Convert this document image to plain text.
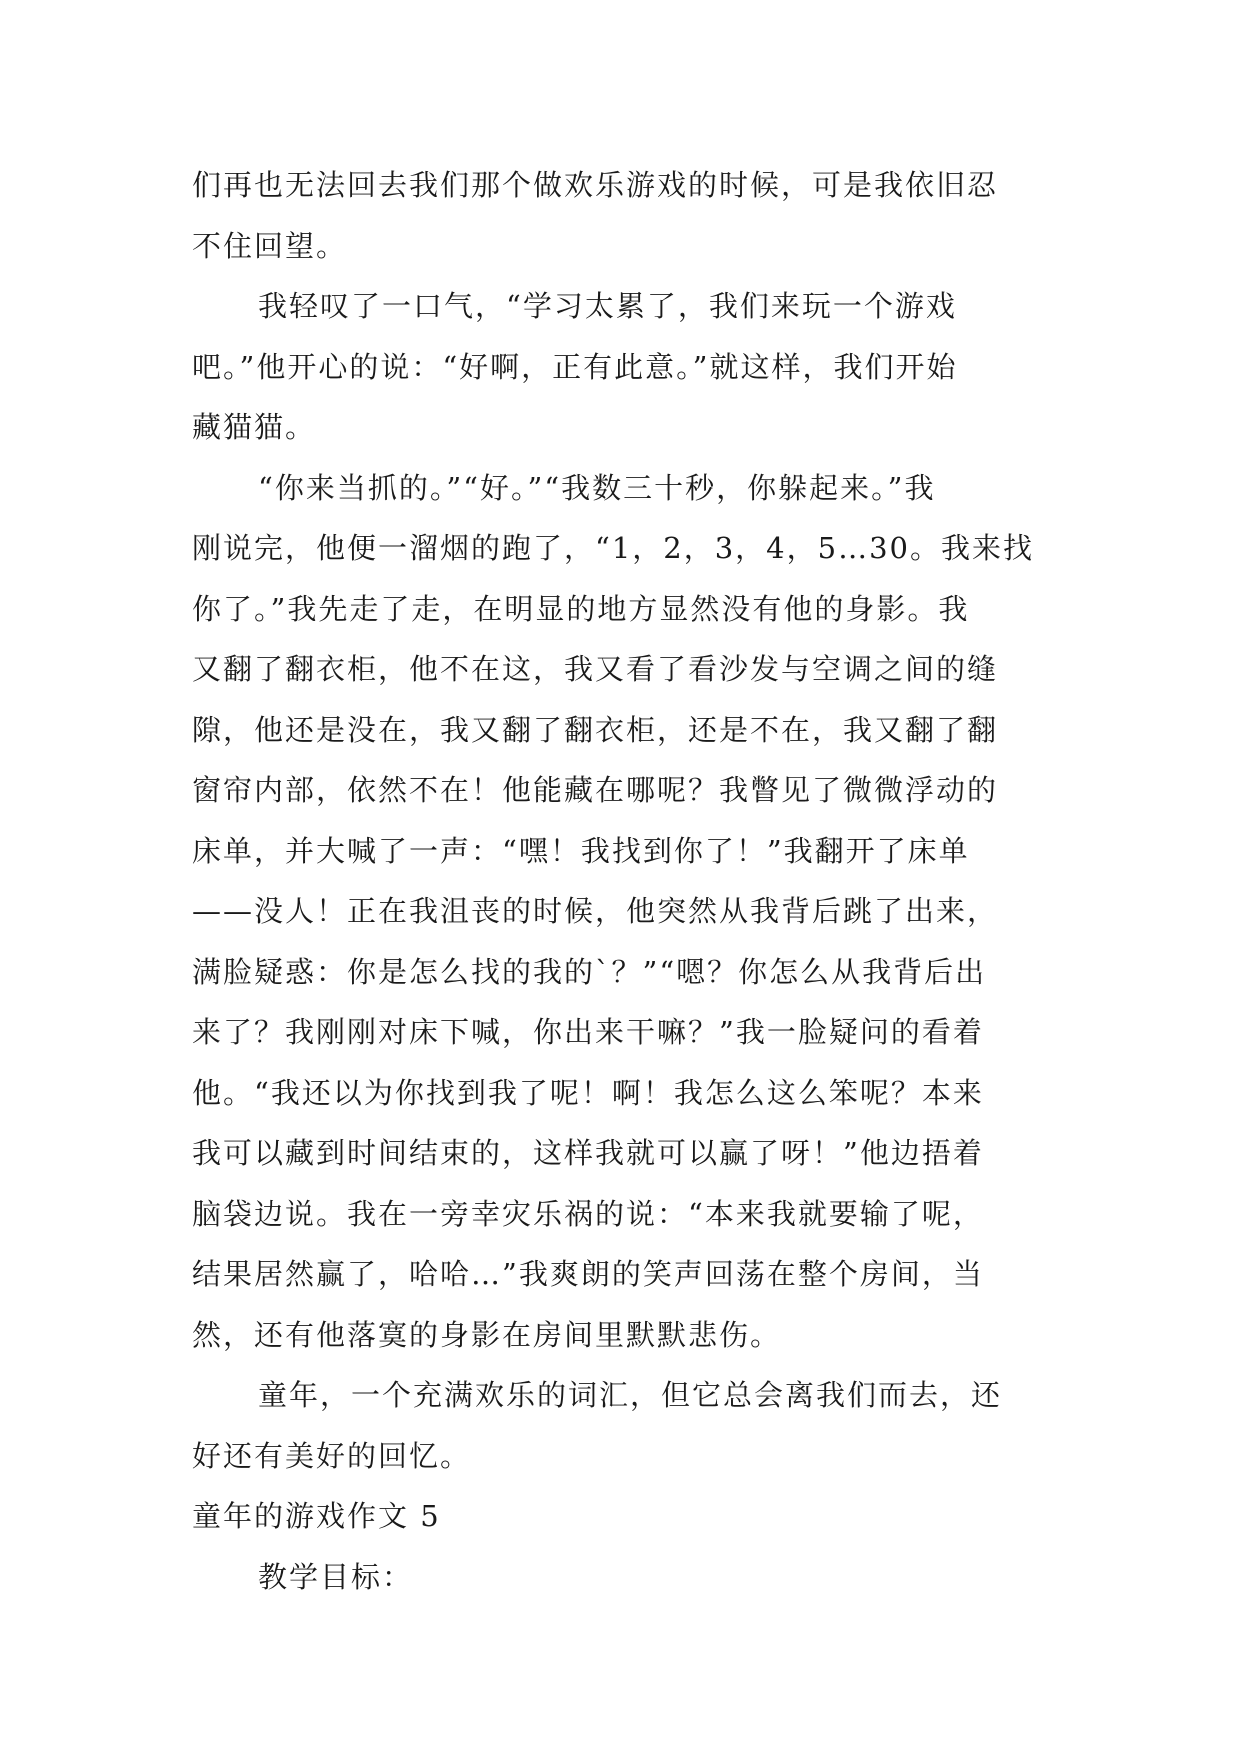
们再也无法回去我们那个做欢乐游戏的时候，可是我依旧忍
不住回望。
我轻叹了一口气，“学习太累了，我们来玩一个游戏
吧。”他开心的说：“好啊，正有此意。”就这样，我们开始
藏猫猫。
“你来当抓的。”“好。”“我数三十秒，你躲起来。”我
刚说完，他便一溜烟的跑了，“1，2，3，4，5…30。我来找
你了。”我先走了走，在明显的地方显然没有他的身影。我
又翻了翻衣柜，他不在这，我又看了看沙发与空调之间的缝
隙，他还是没在，我又翻了翻衣柜，还是不在，我又翻了翻
窗帘内部，依然不在！他能藏在哪呢？我瞥见了微微浮动的
床单，并大喊了一声：“嘿！我找到你了！”我翻开了床单
——没人！正在我沮丧的时候，他突然从我背后跳了出来，
满脸疑惑：你是怎么找的我的`？”“嗯？你怎么从我背后出
来了？我刚刚对床下喊，你出来干嘛？”我一脸疑问的看着
他。“我还以为你找到我了呢！啊！我怎么这么笨呢？本来
我可以藏到时间结束的，这样我就可以赢了呀！”他边捂着
脑袋边说。我在一旁幸灾乐祸的说：“本来我就要输了呢，
结果居然赢了，哈哈…”我爽朗的笑声回荡在整个房间，当
然，还有他落寞的身影在房间里默默悲伤。
童年，一个充满欢乐的词汇，但它总会离我们而去，还
好还有美好的回忆。
童年的游戏作文 5
教学目标：
